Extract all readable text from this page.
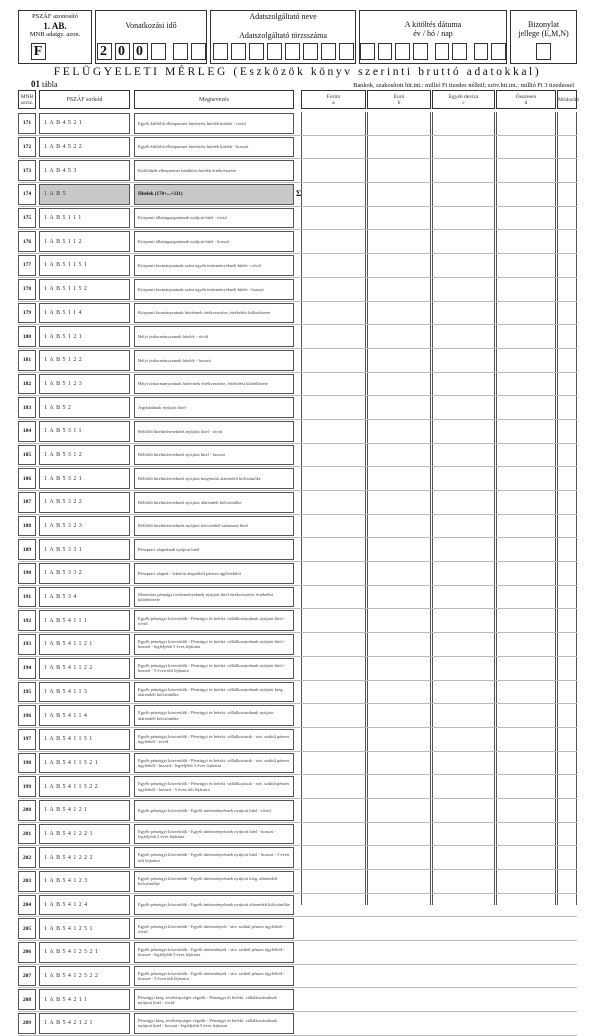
PSZÁF azonosító
1. AB.
MNB adatgy. azon.
F
Vonatkozási idő
2 0 0
Adatszolgáltató neve
Adatszolgáltató törzsszáma
A kitöltés dátuma
év / hó / nap
Bizonylat
jellege (E,M,N)
FELÜGYELETI MÉRLEG (Eszközök könyv szerinti bruttó adatokkal)
01 tábla	Bankok, szakosított hit.int.: millió Ft tizedes nélkül; szöv.hit.int.: millió Ft 3 tizedessel
MNB sorsz.	PSZÁF sorkód	Megnevezés	Forint
a
Euró
b
Egyéb deviza
c
Összesen
d	Módosító
171	1AB4521	Egyéb külföldi ellenpartner hitelezési hitelek hitelek - rövid
172	1AB4522	Egyéb külföldi ellenpartner hitelezési hitelek hitelek - hosszú
173	1AB453	Külföldiek ellenpartner bankközi hitelek értékvesztése
174	1AB5	Hitelek (178+...+331)	Σ
175	1AB5111	Központi államigazgatásnak nyújtott hitel - rövid
176	1AB5112	Központi államigazgatásnak nyújtott hitel - hosszú
177	1AB51151	Központi kormányzatnak szánt egyéb intézményeknek hitele - rövid
178	1AB51152	Központi kormányzatnak szánt egyéb intézményeknek hitele - hosszú
179	1AB5114	Központi kormányzatnak hiteleinek értékvesztése, értékelési különbözete
180	1AB5121	Helyi önkormányzatnak hitelek - rövid
181	1AB5122	Helyi önkormányzatnak hitelek - hosszú
182	1AB5123	Helyi önkormányzatnak hiteleinek értékvesztése, értékelési különbözete
183	1AB52	Jegybanknak nyújtott hitel
184	1AB5311	Belföldi hitelintézeteknek nyújtott hitel - rövid
185	1AB5312	Belföldi hitelintézeteknek nyújtott hitel - hosszú
186	1AB5321	Belföldi hitelintézeteknek nyújtott kiegészítő alárendelt kölcsöntőke
187	1AB5322	Belföldi hitelintézeteknek nyújtott alárendelt kölcsöntőke
188	1AB5323	Belföldi hitelintézeteknek nyújtott kölcsönből származó hitel
189	1AB5331	Pénzpiaci alapoknak nyújtott hitel
190	1AB5332	Pénzpiaci alapok - lekötött alapokból pénzes ügyletekből
191	1AB534	Monetáris pénzügyi intézményeknek nyújtott hitel értékvesztése, értékelési különbözete
192	1AB54111	Egyéb pénzügyi közvetítők - Pénzügyi és befekt. vállalkozásoknak nyújtott hitel - rövid
193	1AB541121	Egyéb pénzügyi közvetítők - Pénzügyi és befekt. vállalkozásoknak nyújtott hitel - hosszú - legfeljebb 5 éves lejáratra
194	1AB541122	Egyéb pénzügyi közvetítők - Pénzügyi és befekt. vállalkozásoknak nyújtott hitel - hosszú - 5 éven túli lejáratra
195	1AB54113	Egyéb pénzügyi közvetítők - Pénzügyi és befekt. vállalkozásoknak nyújtott kieg. alárendelt kölcsöntőke
196	1AB54114	Egyéb pénzügyi közvetítők - Pénzügyi és befekt. vállalkozásoknak nyújtott alárendelt kölcsöntőke
197	1AB541151	Egyéb pénzügyi közvetítők - Pénzügyi és befekt. vállalkozások - sttv. szükül pénzes ügyletből - rövid
198	1AB5411521	Egyéb pénzügyi közvetítők - Pénzügyi és befekt. vállalkozások - sttv. szükül pénzes ügyletből - hosszú - legfeljebb 5 éves lejáratra
199	1AB5411522	Egyéb pénzügyi közvetítők - Pénzügyi és befekt. vállalkozások - sttv. szükül pénzes ügyletből - hosszú - 5 éven túli lejáratra
200	1AB54121	Egyéb pénzügyi közvetítők - Egyéb intézményeknek nyújtott hitel - rövid
201	1AB541221	Egyéb pénzügyi közvetítők - Egyéb intézményeknek nyújtott hitel - hosszú - legfeljebb 5 éves lejáratra
202	1AB541222	Egyéb pénzügyi közvetítők - Egyéb intézményeknek nyújtott hitel - hosszú - 5 éven túli lejáratra
203	1AB54123	Egyéb pénzügyi közvetítők - Egyéb intézményeknek nyújtott kieg. alárendelt kölcsöntőke
204	1AB54124	Egyéb pénzügyi közvetítők - Egyéb intézményeknek nyújtott alárendelt kölcsöntőke
205	1AB541251	Egyéb pénzügyi közvetítők - Egyéb intézmények - sttv. szükül pénzes ügyletből - rövid
206	1AB5412521	Egyéb pénzügyi közvetítők - Egyéb intézmények - sttv. szükül pénzes ügyletből - hosszú - legfeljebb 5 éves lejáratra
207	1AB5412522	Egyéb pénzügyi közvetítők - Egyéb intézmények - sttv. szükül pénzes ügyletből - hosszú - 5 éven túli lejáratra
208	1AB54211	Pénzügyi kieg. tevékenységet végzők - Pénzügyi és befekt. vállalkozásoknak nyújtott hitel - rövid
209	1AB542121	Pénzügyi kieg. tevékenységet végzők - Pénzügyi és befekt. vállalkozásoknak nyújtott hitel - hosszú - legfeljebb 5 éves lejáratra
